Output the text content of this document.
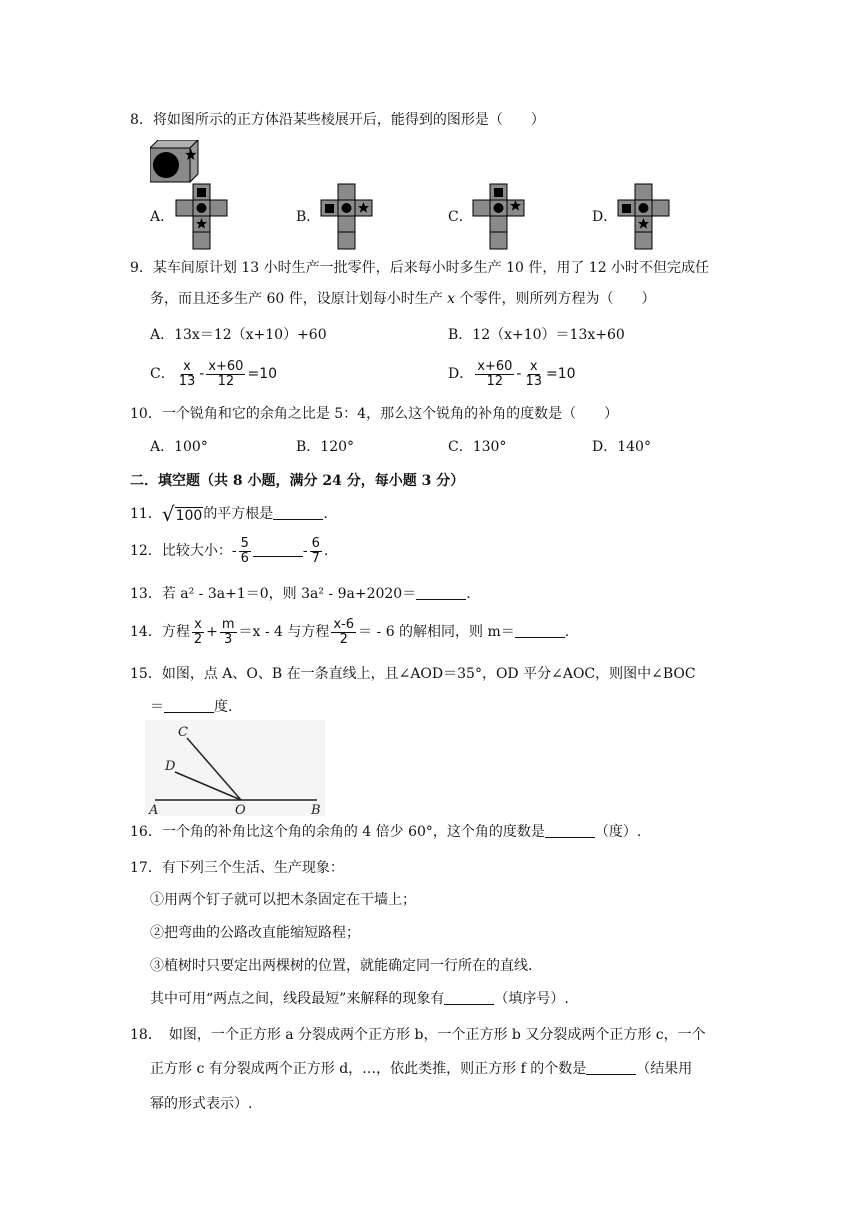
8．将如图所示的正方体沿某些棱展开后，能得到的图形是（　　）
A．	B．	C．	D．
9．某车间原计划 13 小时生产一批零件，后来每小时多生产 10 件，用了 12 小时不但完成任
务，而且还多生产 60 件，设原计划每小时生产 x 个零件，则所列方程为（　　）
A．13x＝12（x+10）+60	B．12（x+10）＝13x+60
C． $\frac{x}{13} - \frac{x+60}{12} =10$	D． $\frac{x+60}{12} - \frac{x}{13} =10$
10．一个锐角和它的余角之比是 5：4，那么这个锐角的补角的度数是（　　）
A．100°	B．120°	C．130°	D．140°
二．填空题（共 8 小题，满分 24 分，每小题 3 分）
11． √ 100 的平方根是	.
12．比较大小：- $\frac{5}{6}$	- $\frac{6}{7}$ .
13．若 a² - 3a+1＝0，则 3a² - 9a+2020＝	.
14．方程 $\frac{x}{2} + \frac{m}{3} =x - 4$ 与方程 $\frac{x-6}{2}$ ＝ - 6 的解相同，则 m＝	.
15．如图，点 A、O、B 在一条直线上，且∠AOD＝35°，OD 平分∠AOC，则图中∠BOC
＝	度.
C
D
A	O	B
16．一个角的补角比这个角的余角的 4 倍少 60°，这个角的度数是	（度）.
17．有下列三个生活、生产现象：
①用两个钉子就可以把木条固定在干墙上；
②把弯曲的公路改直能缩短路程；
③植树时只要定出两棵树的位置，就能确定同一行所在的直线.
其中可用“两点之间，线段最短”来解释的现象有	（填序号）.
18．　如图，一个正方形 a 分裂成两个正方形 b，一个正方形 b 又分裂成两个正方形 c，一个
正方形 c 有分裂成两个正方形 d，…，依此类推，则正方形 f 的个数是	（结果用
幂的形式表示）.
